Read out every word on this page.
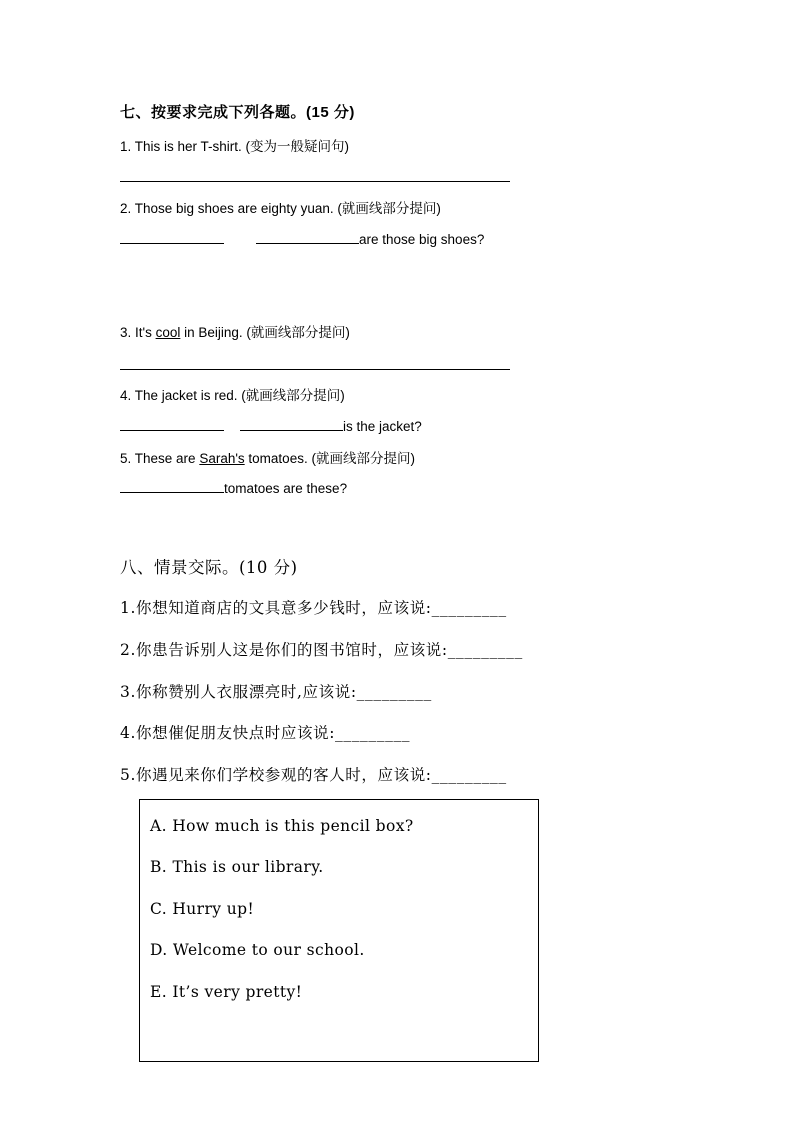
七、按要求完成下列各题。(15 分)
1. This is her T-shirt. (变为一般疑问句)
2. Those big shoes are eighty yuan. (就画线部分提问)
are those big shoes?
3. It's cool in Beijing. (就画线部分提问)
4. The jacket is red. (就画线部分提问)
is the jacket?
5. These are Sarah's tomatoes. (就画线部分提问)
tomatoes are these?
八、情景交际。(10 分)
1.你想知道商店的文具意多少钱时，应该说:_________
2.你患告诉别人这是你们的图书馆时，应该说:_________
3.你称赞别人衣服漂亮时,应该说:_________
4.你想催促朋友快点时应该说:_________
5.你遇见来你们学校参观的客人时，应该说:_________
A. How much is this pencil box?
B. This is our library.
C. Hurry up!
D. Welcome to our school.
E. It’s very pretty!
